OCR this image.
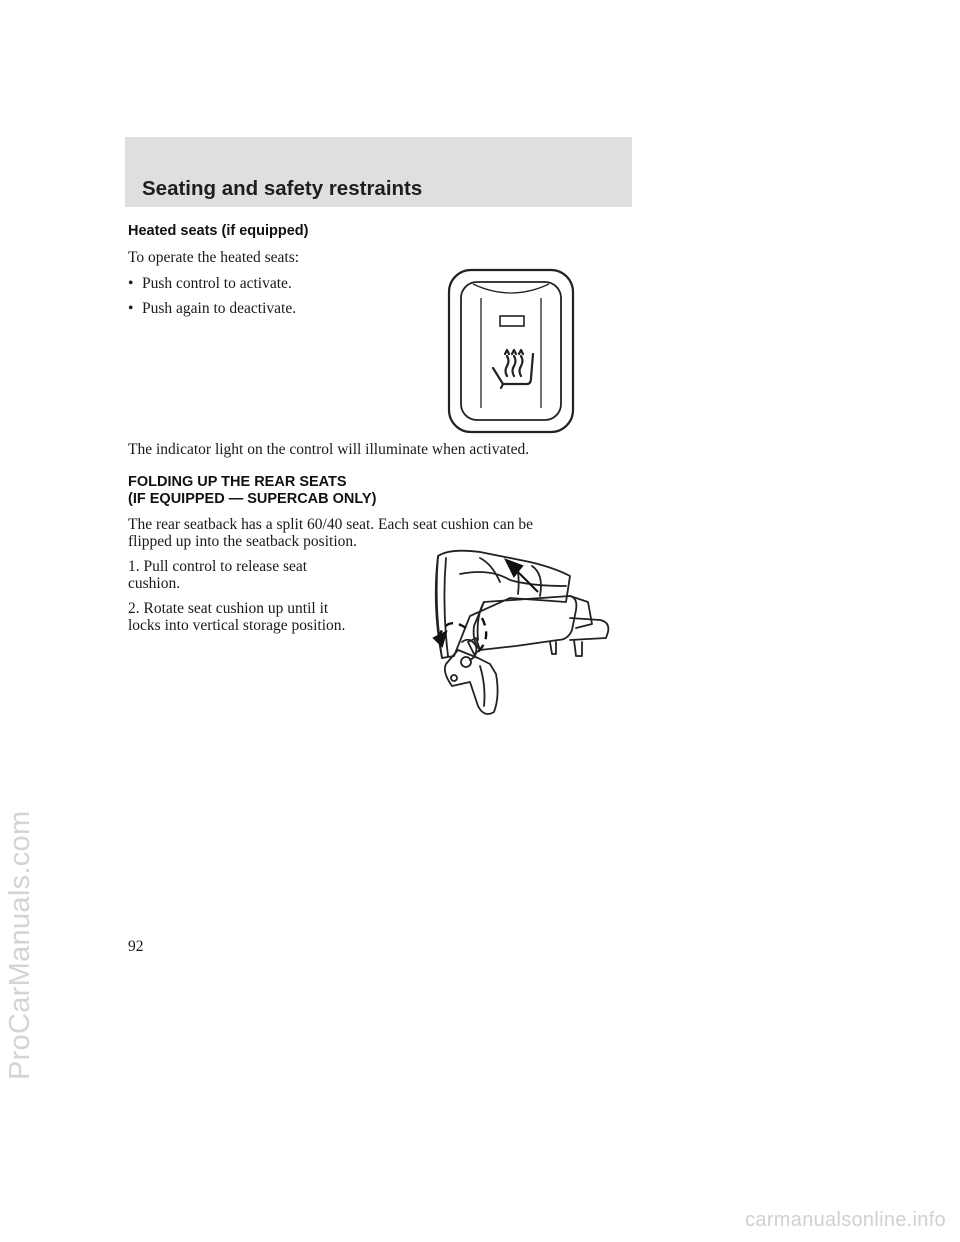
Seating and safety restraints
Heated seats (if equipped)
To operate the heated seats:
• Push control to activate.
• Push again to deactivate.
The indicator light on the control will illuminate when activated.
FOLDING UP THE REAR SEATS
(IF EQUIPPED — SUPERCAB ONLY)
The rear seatback has a split 60/40 seat. Each seat cushion can be
flipped up into the seatback position.
1. Pull control to release seat
cushion.
2. Rotate seat cushion up until it
locks into vertical storage position.
92
ProCarManuals.com
carmanualsonline.info
